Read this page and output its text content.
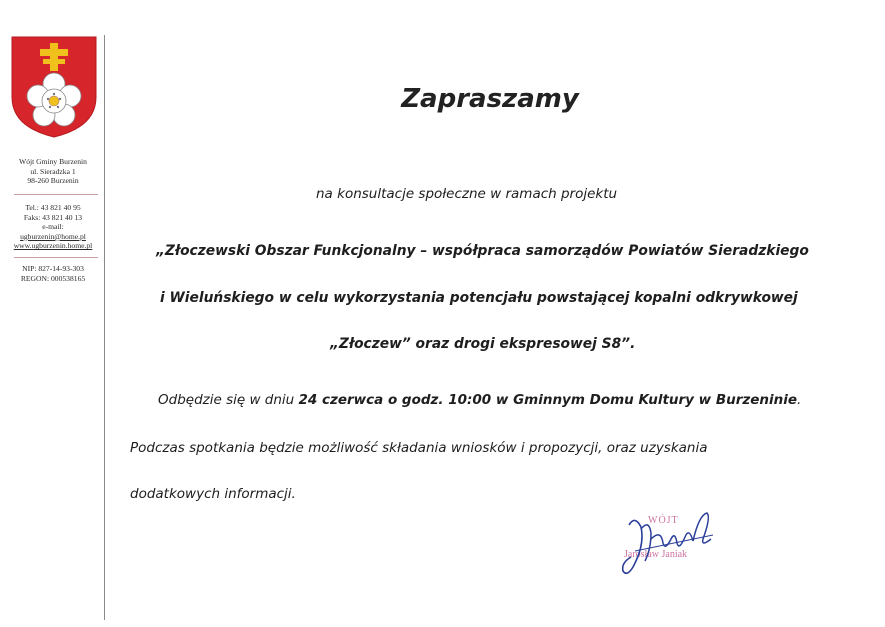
Wójt Gminy Burzenin
ul. Sieradzka 1
98-260 Burzenin
Tel.: 43 821 40 95
Faks: 43 821 40 13
e-mail:
ugburzenin@home.pl
www.ugburzenin.home.pl
NIP: 827-14-93-303
REGON: 000538165
Zapraszamy
na konsultacje społeczne w ramach projektu
„Złoczewski Obszar Funkcjonalny – współpraca samorządów Powiatów Sieradzkiego
i Wieluńskiego w celu wykorzystania potencjału powstającej kopalni odkrywkowej
„Złoczew” oraz drogi ekspresowej S8”.
Odbędzie się w dniu 24 czerwca o godz. 10:00 w Gminnym Domu Kultury w Burzeninie.
Podczas spotkania będzie możliwość składania wniosków i propozycji, oraz uzyskania
dodatkowych informacji.
WÓJT
Jarosław Janiak
